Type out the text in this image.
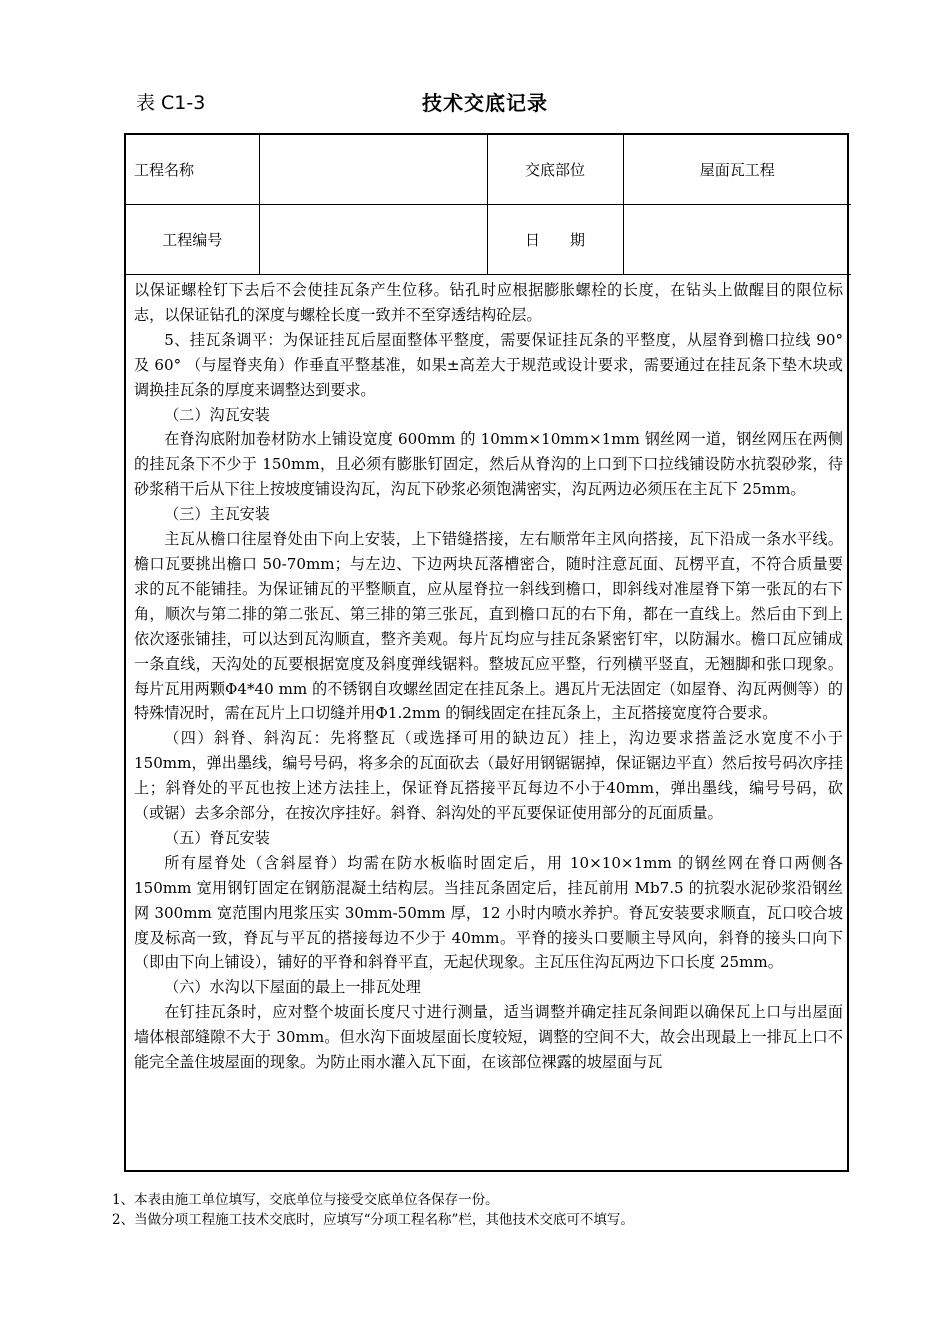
表 C1-3	技术交底记录
工程名称		交底部位	屋面瓦工程
工程编号		日　　期	

以保证螺栓钉下去后不会使挂瓦条产生位移。钻孔时应根据膨胀螺栓的长度，在钻头上做醒目的限位标志，以保证钻孔的深度与螺栓长度一致并不至穿透结构砼层。

5、挂瓦条调平：为保证挂瓦后屋面整体平整度，需要保证挂瓦条的平整度，从屋脊到檐口拉线 90° 及 60° （与屋脊夹角）作垂直平整基准，如果±高差大于规范或设计要求，需要通过在挂瓦条下垫木块或调换挂瓦条的厚度来调整达到要求。

（二）沟瓦安装

在脊沟底附加卷材防水上铺设宽度 600mm 的 10mm×10mm×1mm 钢丝网一道，钢丝网压在两侧的挂瓦条下不少于 150mm，且必须有膨胀钉固定，然后从脊沟的上口到下口拉线铺设防水抗裂砂浆，待砂浆稍干后从下往上按坡度铺设沟瓦，沟瓦下砂浆必须饱满密实，沟瓦两边必须压在主瓦下 25mm。

（三）主瓦安装

主瓦从檐口往屋脊处由下向上安装，上下错缝搭接，左右顺常年主风向搭接，瓦下沿成一条水平线。檐口瓦要挑出檐口 50-70mm；与左边、下边两块瓦落槽密合，随时注意瓦面、瓦楞平直，不符合质量要求的瓦不能铺挂。为保证铺瓦的平整顺直，应从屋脊拉一斜线到檐口，即斜线对准屋脊下第一张瓦的右下角，顺次与第二排的第二张瓦、第三排的第三张瓦，直到檐口瓦的右下角，都在一直线上。然后由下到上依次逐张铺挂，可以达到瓦沟顺直，整齐美观。每片瓦均应与挂瓦条紧密钉牢，以防漏水。檐口瓦应铺成一条直线，天沟处的瓦要根据宽度及斜度弹线锯料。整坡瓦应平整，行列横平竖直，无翘脚和张口现象。每片瓦用两颗Φ4*40 mm 的不锈钢自攻螺丝固定在挂瓦条上。遇瓦片无法固定（如屋脊、沟瓦两侧等）的特殊情况时，需在瓦片上口切缝并用Φ1.2mm 的铜线固定在挂瓦条上，主瓦搭接宽度符合要求。

（四）斜脊、斜沟瓦：先将整瓦（或选择可用的缺边瓦）挂上，沟边要求搭盖泛水宽度不小于 150mm，弹出墨线，编号号码，将多余的瓦面砍去（最好用钢锯锯掉，保证锯边平直）然后按号码次序挂上；斜脊处的平瓦也按上述方法挂上，保证脊瓦搭接平瓦每边不小于40mm，弹出墨线，编号号码，砍（或锯）去多余部分，在按次序挂好。斜脊、斜沟处的平瓦要保证使用部分的瓦面质量。

（五）脊瓦安装

所有屋脊处（含斜屋脊）均需在防水板临时固定后，用 10×10×1mm 的钢丝网在脊口两侧各 150mm 宽用钢钉固定在钢筋混凝土结构层。当挂瓦条固定后，挂瓦前用 Mb7.5 的抗裂水泥砂浆沿钢丝网 300mm 宽范围内甩浆压实 30mm-50mm 厚，12 小时内喷水养护。脊瓦安装要求顺直，瓦口咬合坡度及标高一致，脊瓦与平瓦的搭接每边不少于 40mm。平脊的接头口要顺主导风向，斜脊的接头口向下（即由下向上铺设），铺好的平脊和斜脊平直，无起伏现象。主瓦压住沟瓦两边下口长度 25mm。

（六）水沟以下屋面的最上一排瓦处理

在钉挂瓦条时，应对整个坡面长度尺寸进行测量，适当调整并确定挂瓦条间距以确保瓦上口与出屋面墙体根部缝隙不大于 30mm。但水沟下面坡屋面长度较短，调整的空间不大，故会出现最上一排瓦上口不能完全盖住坡屋面的现象。为防止雨水灌入瓦下面，在该部位裸露的坡屋面与瓦

1、本表由施工单位填写，交底单位与接受交底单位各保存一份。

2、当做分项工程施工技术交底时，应填写“分项工程名称”栏，其他技术交底可不填写。
